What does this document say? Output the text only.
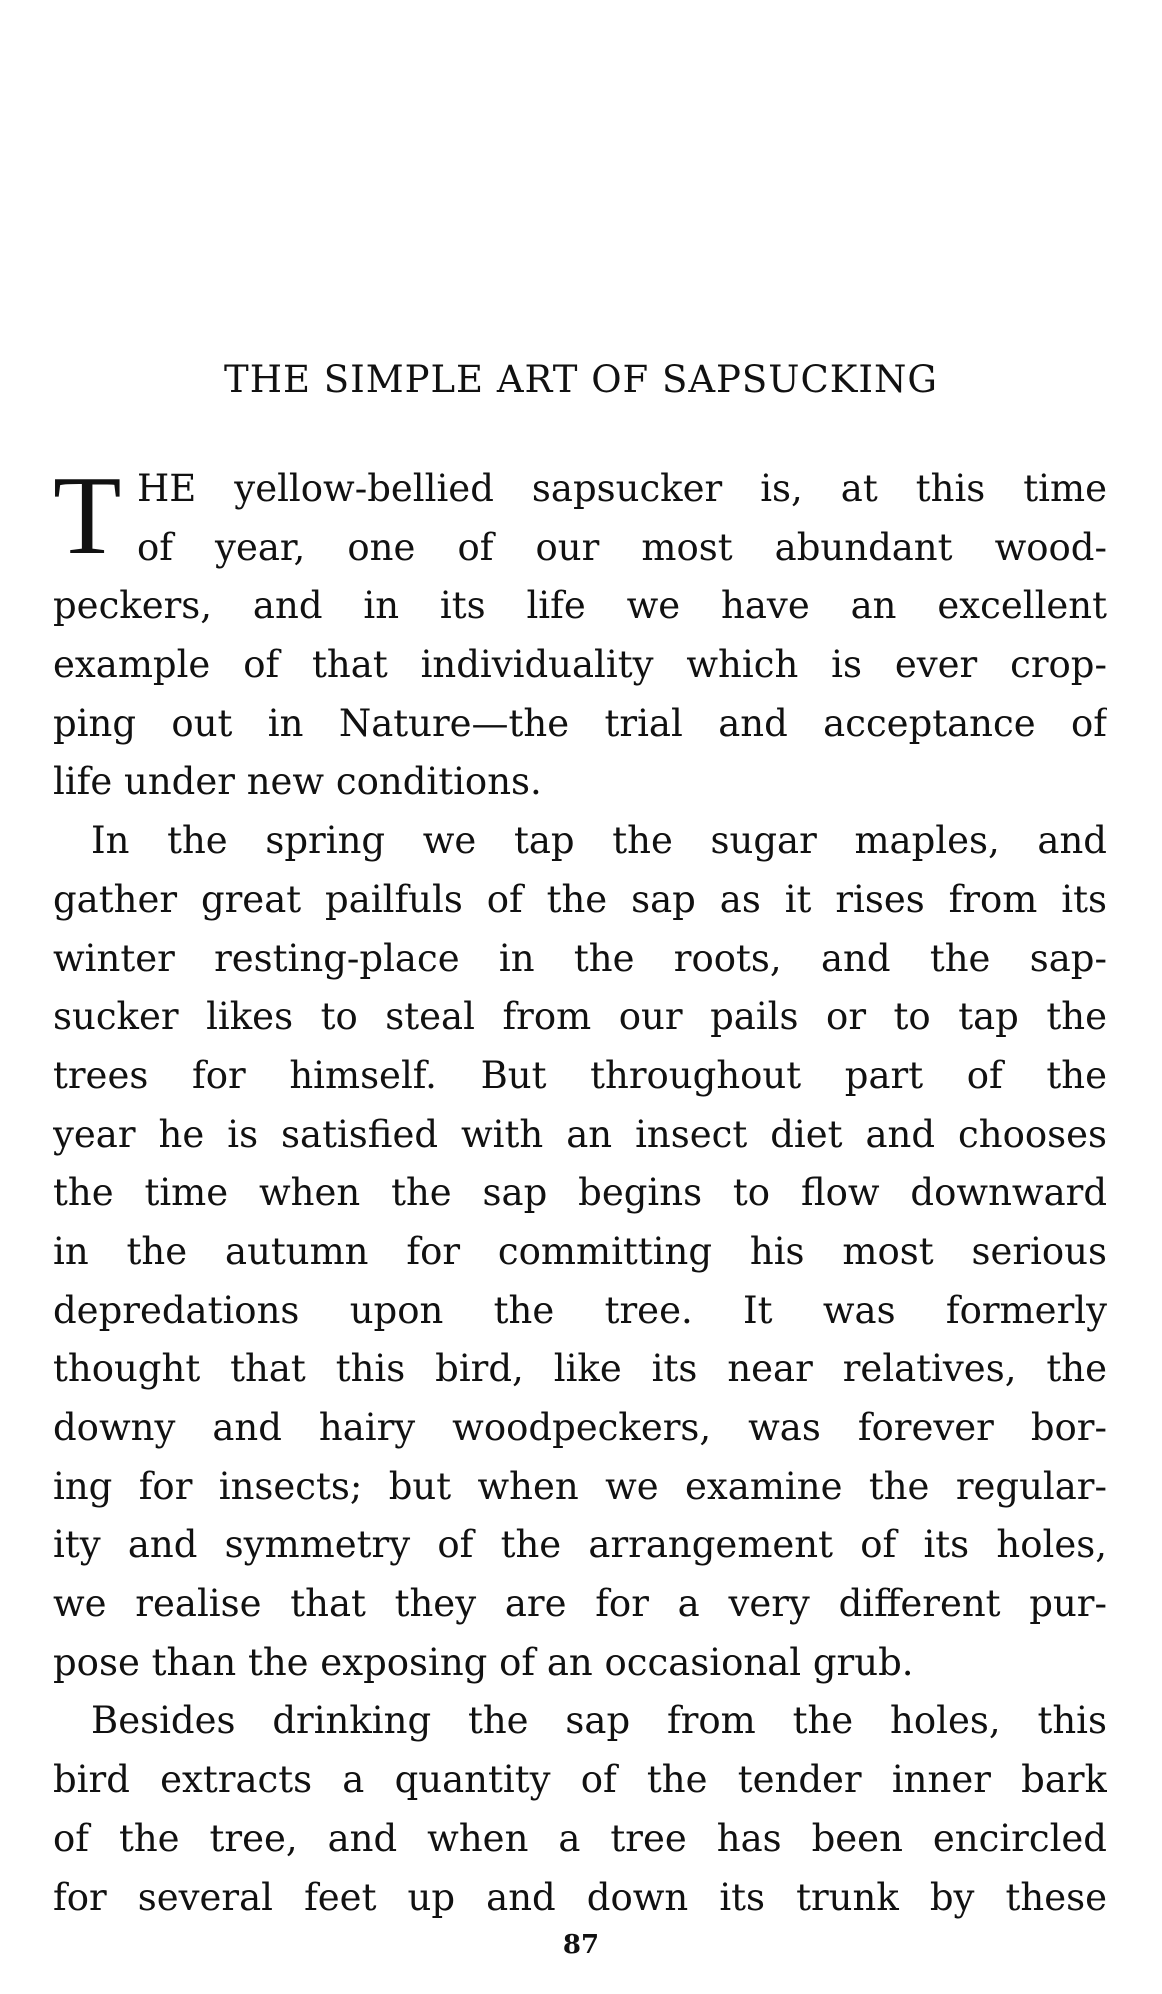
THE SIMPLE ART OF SAPSUCKING
T HE yellow-bellied sapsucker is, at this time
of year, one of our most abundant wood-
peckers, and in its life we have an excellent
example of that individuality which is ever crop-
ping out in Nature—the trial and acceptance of
life under new conditions.
In the spring we tap the sugar maples, and
gather great pailfuls of the sap as it rises from its
winter resting-place in the roots, and the sap-
sucker likes to steal from our pails or to tap the
trees for himself. But throughout part of the
year he is satisfied with an insect diet and chooses
the time when the sap begins to flow downward
in the autumn for committing his most serious
depredations upon the tree. It was formerly
thought that this bird, like its near relatives, the
downy and hairy woodpeckers, was forever bor-
ing for insects; but when we examine the regular-
ity and symmetry of the arrangement of its holes,
we realise that they are for a very different pur-
pose than the exposing of an occasional grub.
Besides drinking the sap from the holes, this
bird extracts a quantity of the tender inner bark
of the tree, and when a tree has been encircled
for several feet up and down its trunk by these
87
